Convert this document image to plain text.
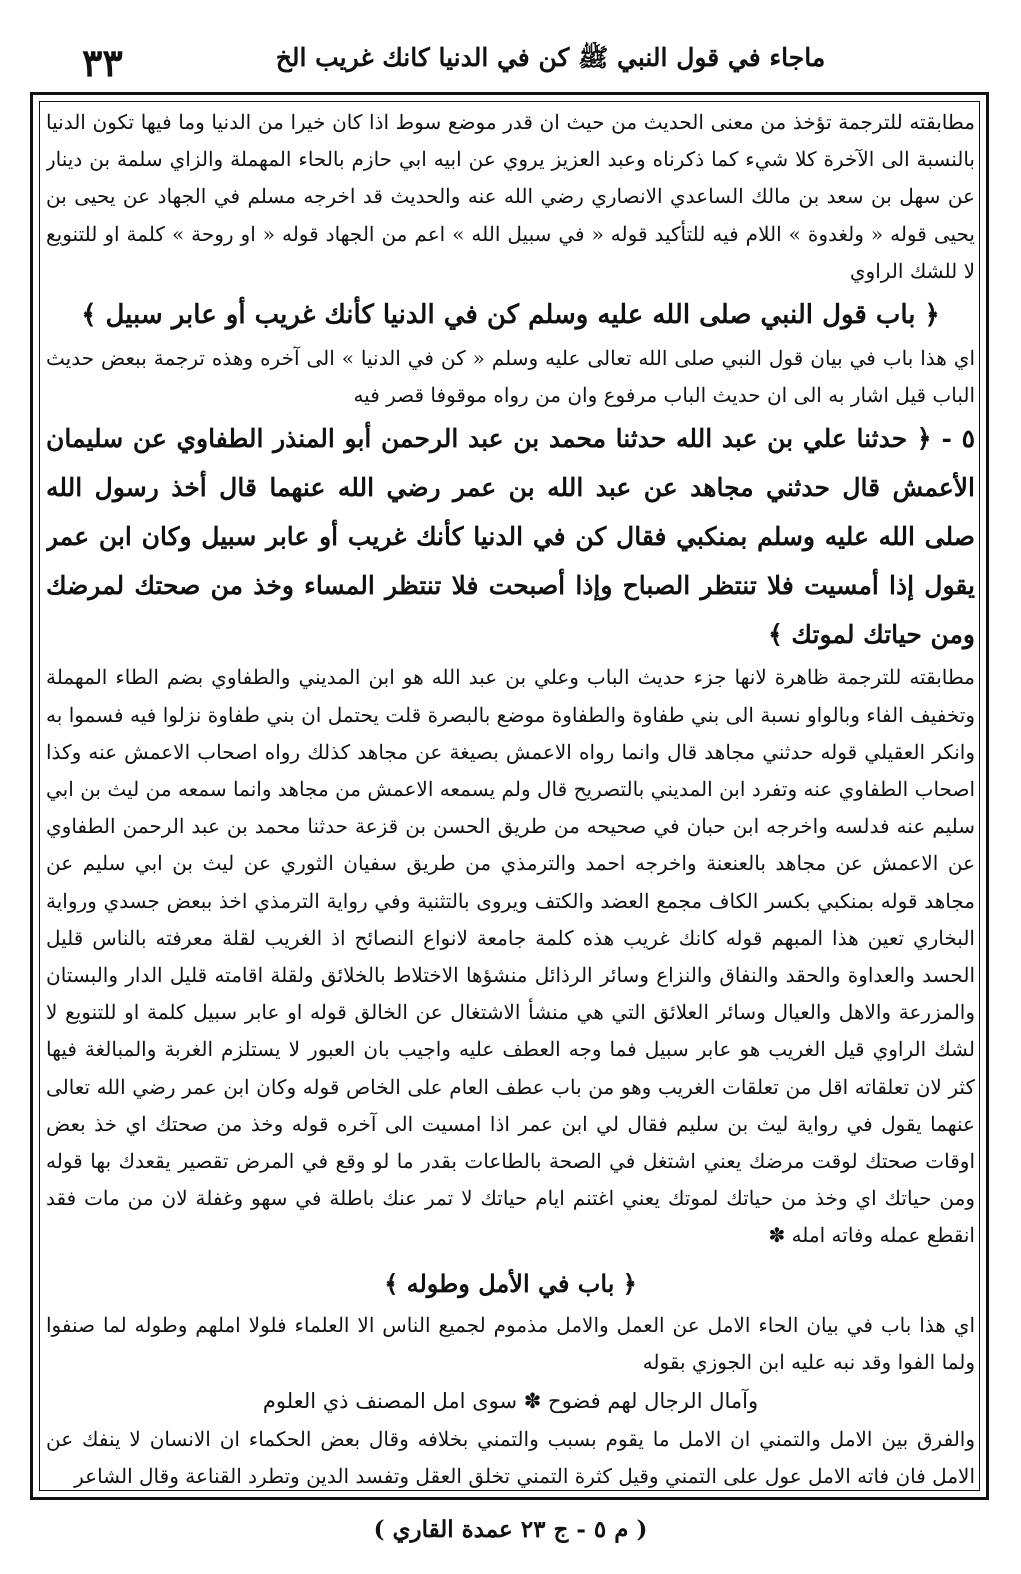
٣٣	ماجاء في قول النبي ﷺ كن في الدنيا كانك غريب الخ

مطابقته للترجمة تؤخذ من معنى الحديث من حيث ان قدر موضع سوط اذا كان خيرا من الدنيا وما فيها تكون الدنيا بالنسبة الى الآخرة كلا شيء كما ذكرناه وعبد العزيز يروي عن ابيه ابي حازم بالحاء المهملة والزاي سلمة بن دينار عن سهل بن سعد بن مالك الساعدي الانصاري رضي الله عنه والحديث قد اخرجه مسلم في الجهاد عن يحيى بن يحيى قوله « ولغدوة » اللام فيه للتأكيد قوله « في سبيل الله » اعم من الجهاد قوله « او روحة » كلمة او للتنويع لا للشك الراوي

﴿ باب قول النبي صلى الله عليه وسلم كن في الدنيا كأنك غريب أو عابر سبيل ﴾

اي هذا باب في بيان قول النبي صلى الله تعالى عليه وسلم « كن في الدنيا » الى آخره وهذه ترجمة ببعض حديث الباب قيل اشار به الى ان حديث الباب مرفوع وان من رواه موقوفا قصر فيه

٥ -﴿ حدثنا علي بن عبد الله حدثنا محمد بن عبد الرحمن أبو المنذر الطفاوي عن سليمان الأعمش قال حدثني مجاهد عن عبد الله بن عمر رضي الله عنهما قال أخذ رسول الله صلى الله عليه وسلم بمنكبي فقال كن في الدنيا كأنك غريب أو عابر سبيل وكان ابن عمر يقول إذا أمسيت فلا تنتظر الصباح وإذا أصبحت فلا تنتظر المساء وخذ من صحتك لمرضك ومن حياتك لموتك ﴾

مطابقته للترجمة ظاهرة لانها جزء حديث الباب وعلي بن عبد الله هو ابن المديني والطفاوي بضم الطاء المهملة وتخفيف الفاء وبالواو نسبة الى بني طفاوة والطفاوة موضع بالبصرة قلت يحتمل ان بني طفاوة نزلوا فيه فسموا به وانكر العقيلي قوله حدثني مجاهد قال وانما رواه الاعمش بصيغة عن مجاهد كذلك رواه اصحاب الاعمش عنه وكذا اصحاب الطفاوي عنه وتفرد ابن المديني بالتصريح قال ولم يسمعه الاعمش من مجاهد وانما سمعه من ليث بن ابي سليم عنه فدلسه واخرجه ابن حبان في صحيحه من طريق الحسن بن قزعة حدثنا محمد بن عبد الرحمن الطفاوي عن الاعمش عن مجاهد بالعنعنة واخرجه احمد والترمذي من طريق سفيان الثوري عن ليث بن ابي سليم عن مجاهد قوله بمنكبي بكسر الكاف مجمع العضد والكتف ويروى بالتثنية وفي رواية الترمذي اخذ ببعض جسدي ورواية البخاري تعين هذا المبهم قوله كانك غريب هذه كلمة جامعة لانواع النصائح اذ الغريب لقلة معرفته بالناس قليل الحسد والعداوة والحقد والنفاق والنزاع وسائر الرذائل منشؤها الاختلاط بالخلائق ولقلة اقامته قليل الدار والبستان والمزرعة والاهل والعيال وسائر العلائق التي هي منشأ الاشتغال عن الخالق قوله او عابر سبيل كلمة او للتنويع لا لشك الراوي قيل الغريب هو عابر سبيل فما وجه العطف عليه واجيب بان العبور لا يستلزم الغربة والمبالغة فيها كثر لان تعلقاته اقل من تعلقات الغريب وهو من باب عطف العام على الخاص قوله وكان ابن عمر رضي الله تعالى عنهما يقول في رواية ليث بن سليم فقال لي ابن عمر اذا امسيت الى آخره قوله وخذ من صحتك اي خذ بعض اوقات صحتك لوقت مرضك يعني اشتغل في الصحة بالطاعات بقدر ما لو وقع في المرض تقصير يقعدك بها قوله ومن حياتك اي وخذ من حياتك لموتك يعني اغتنم ايام حياتك لا تمر عنك باطلة في سهو وغفلة لان من مات فقد انقطع عمله وفاته امله ✽

﴿ باب في الأمل وطوله ﴾

اي هذا باب في بيان الحاء الامل عن العمل والامل مذموم لجميع الناس الا العلماء فلولا املهم وطوله لما صنفوا ولما الفوا وقد نبه عليه ابن الجوزي بقوله

وآمال الرجال لهم فضوح ✽ سوى امل المصنف ذي العلوم

والفرق بين الامل والتمني ان الامل ما يقوم بسبب والتمني بخلافه وقال بعض الحكماء ان الانسان لا ينفك عن الامل فان فاته الامل عول على التمني وقيل كثرة التمني تخلق العقل وتفسد الدين وتطرد القناعة وقال الشاعر

( م ٥ - ج ٢٣ عمدة القاري )
